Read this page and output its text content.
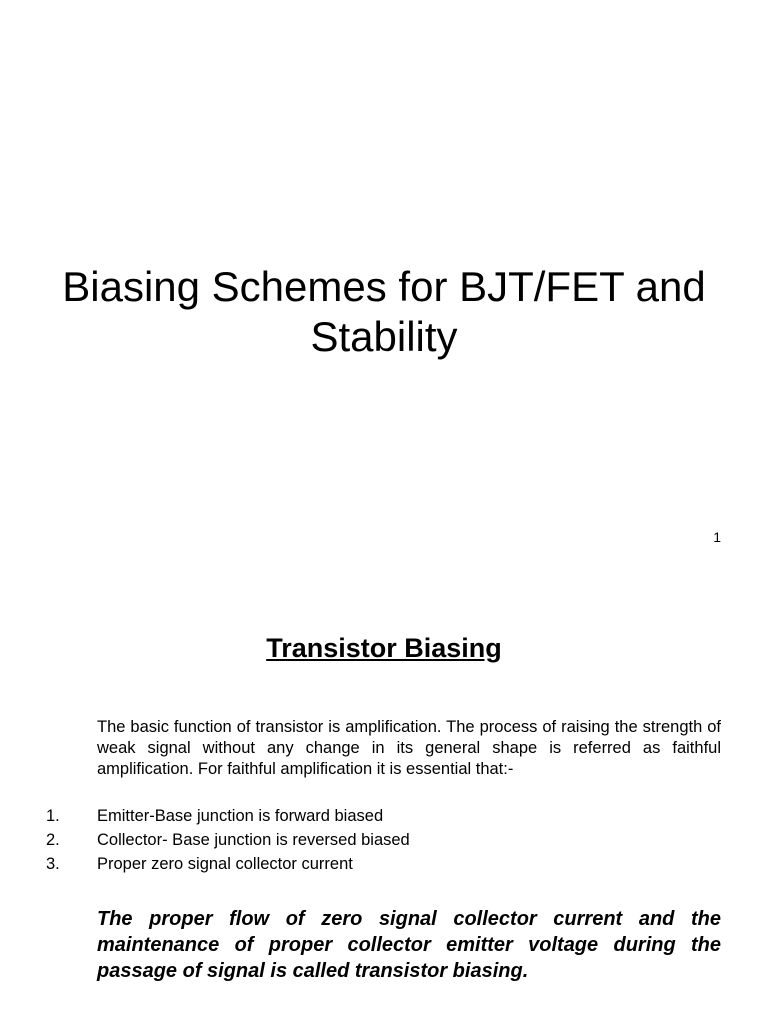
Biasing Schemes for BJT/FET and Stability
1
Transistor Biasing

The basic function of transistor is amplification. The process of raising the strength of weak signal without any change in its general shape is referred as faithful amplification. For faithful amplification it is essential that:-

1. Emitter-Base junction is forward biased
2. Collector- Base junction is reversed biased
3. Proper zero signal collector current

The proper flow of zero signal collector current and the maintenance of proper collector emitter voltage during the passage of signal is called transistor biasing.
